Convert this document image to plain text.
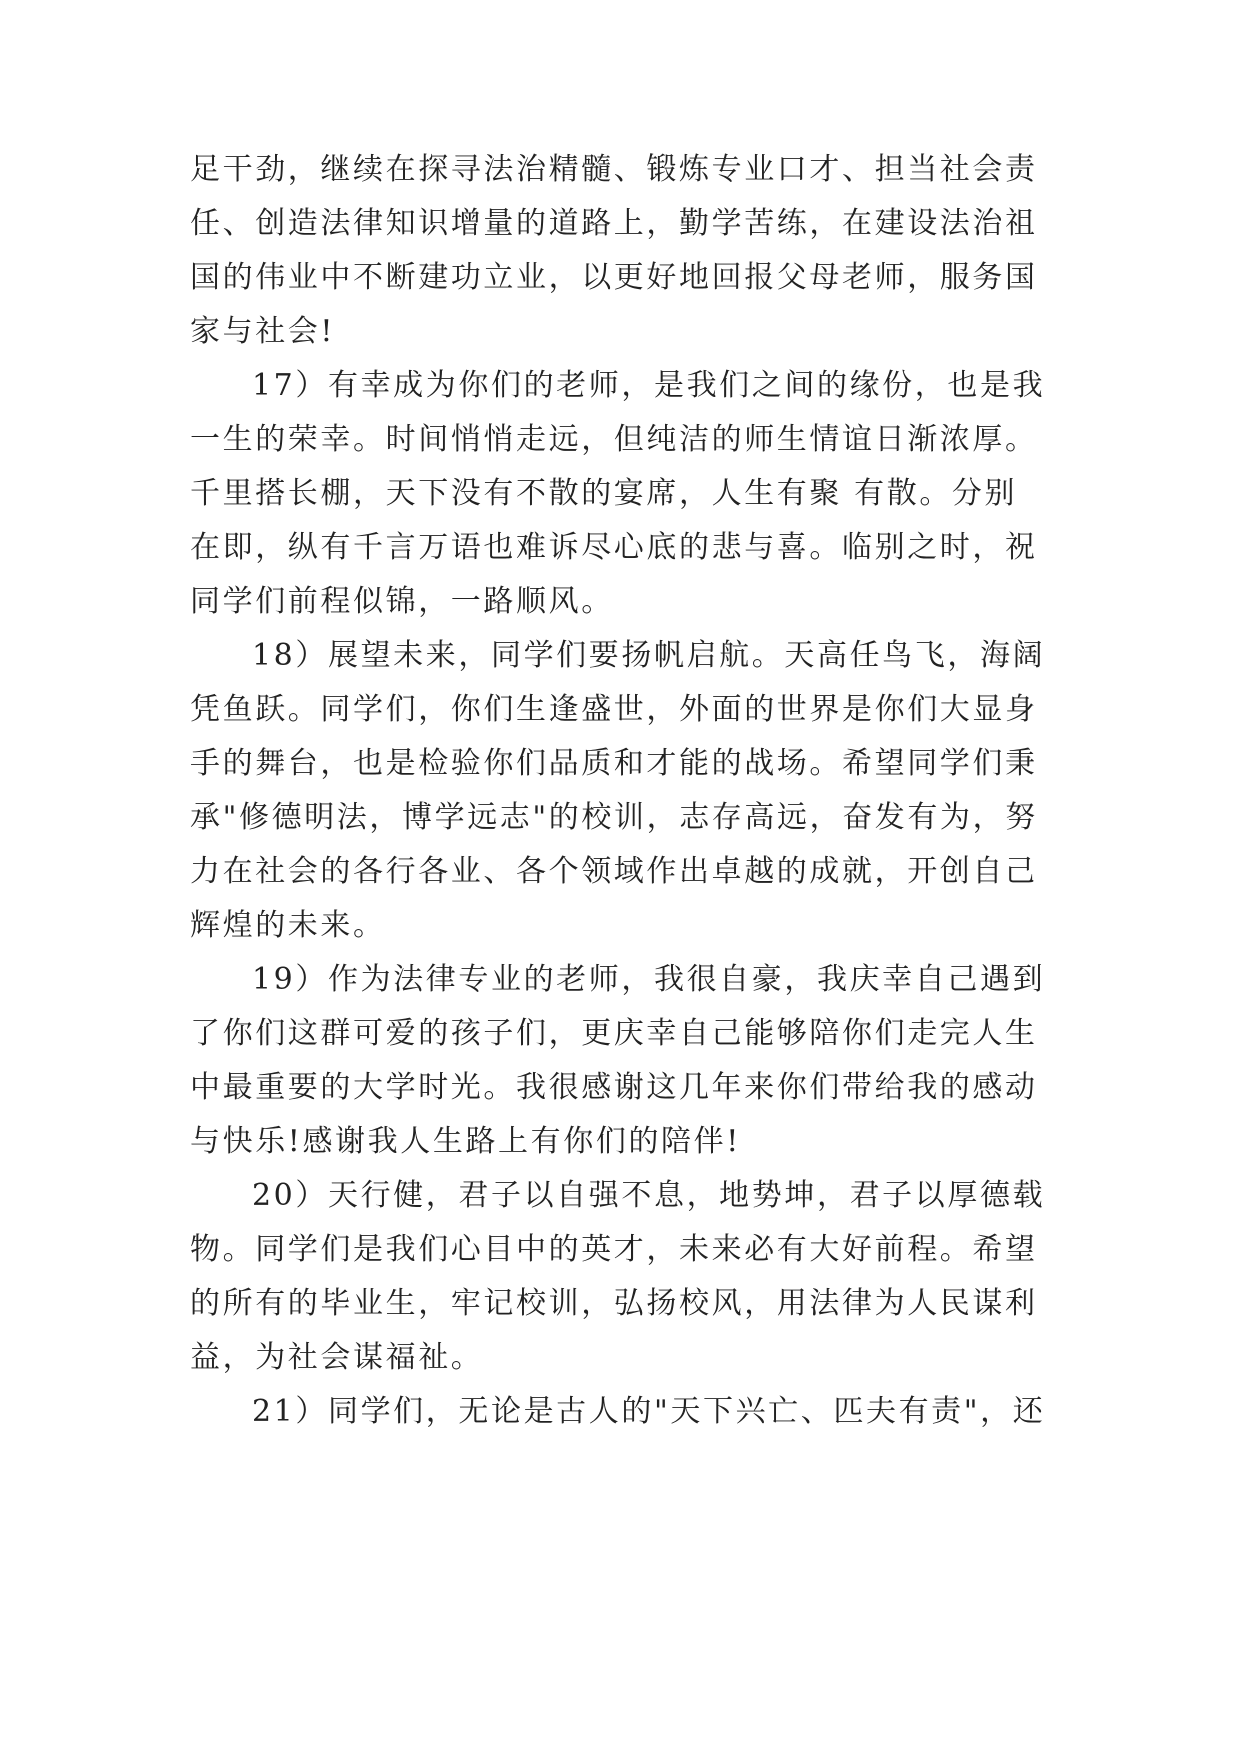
足干劲，继续在探寻法治精髓、锻炼专业口才、担当社会责
任、创造法律知识增量的道路上，勤学苦练，在建设法治祖
国的伟业中不断建功立业，以更好地回报父母老师，服务国
家与社会!
17）有幸成为你们的老师，是我们之间的缘份，也是我
一生的荣幸。时间悄悄走远，但纯洁的师生情谊日渐浓厚。
千里搭长棚，天下没有不散的宴席，人生有聚 有散。分别
在即，纵有千言万语也难诉尽心底的悲与喜。临别之时，祝
同学们前程似锦，一路顺风。
18）展望未来，同学们要扬帆启航。天高任鸟飞，海阔
凭鱼跃。同学们，你们生逢盛世，外面的世界是你们大显身
手的舞台，也是检验你们品质和才能的战场。希望同学们秉
承"修德明法，博学远志"的校训，志存高远，奋发有为，努
力在社会的各行各业、各个领域作出卓越的成就，开创自己
辉煌的未来。
19）作为法律专业的老师，我很自豪，我庆幸自己遇到
了你们这群可爱的孩子们，更庆幸自己能够陪你们走完人生
中最重要的大学时光。我很感谢这几年来你们带给我的感动
与快乐!感谢我人生路上有你们的陪伴!
20）天行健，君子以自强不息，地势坤，君子以厚德载
物。同学们是我们心目中的英才，未来必有大好前程。希望
的所有的毕业生，牢记校训，弘扬校风，用法律为人民谋利
益，为社会谋福祉。
21）同学们，无论是古人的"天下兴亡、匹夫有责"，还
